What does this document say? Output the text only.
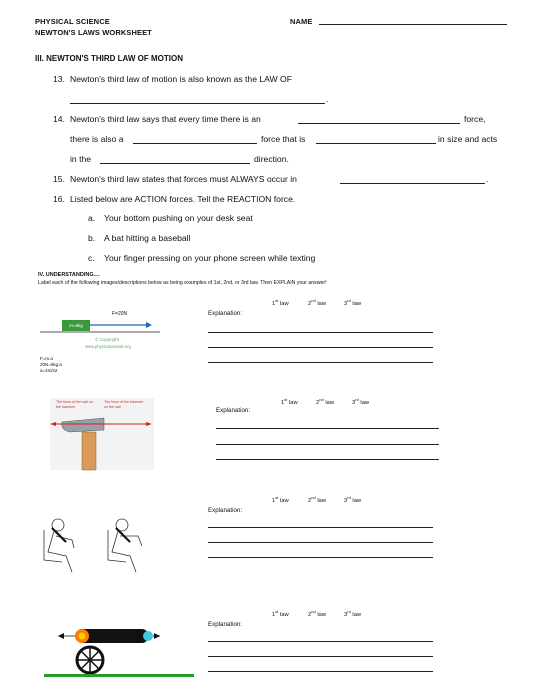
PHYSICAL SCIENCE
NEWTON'S LAWS WORKSHEET
NAME
III. NEWTON'S THIRD LAW OF MOTION
13. Newton's third law of motion is also known as the LAW OF
.
14. Newton's third law says that every time there is an	force,
there is also a	force that is	in size and acts
in the	direction.
15. Newton's third law states that forces must ALWAYS occur in	.
16. Listed below are ACTION forces. Tell the REACTION force.
a. Your bottom pushing on your desk seat
b. A bat hitting a baseball
c. Your finger pressing on your phone screen while texting
IV. UNDERSTANDING....
Label each of the following images/descriptions below as being examples of 1st, 2nd, or 3rd law. Then EXPLAIN your answer!
1st law	2nd law	3rd law
Explanation:
F=20N
m=5kg
© Copyright
www.physicstutorials.org
F=m.a
20N=5kg.a
a=4m/s2
1st law	2nd law	3rd law
Explanation:
The force of the nail on the hammer
The force of the hammer on the nail
1st law	2nd law	3rd law
Explanation:
1st law	2nd law	3rd law
Explanation:
